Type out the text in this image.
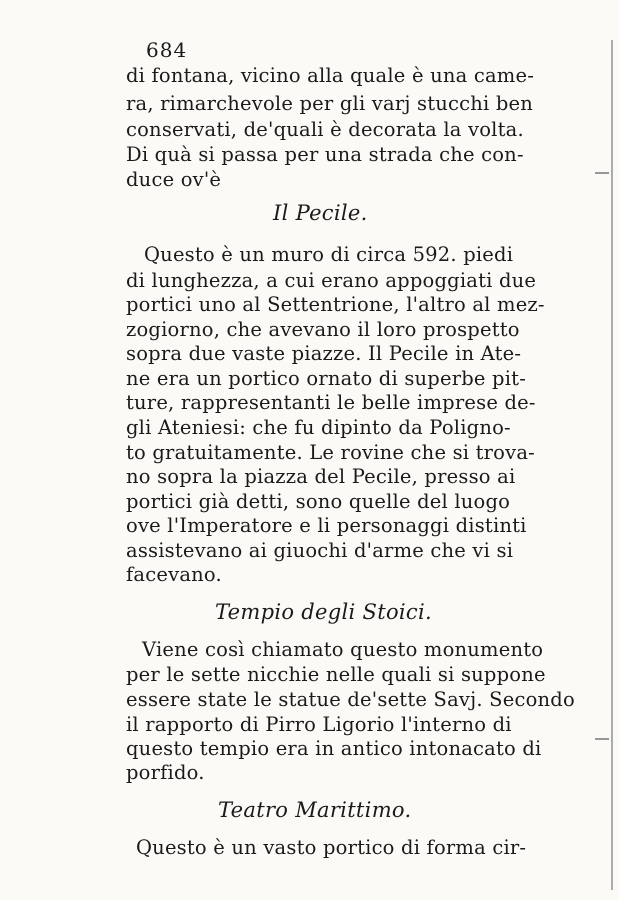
684
di fontana, vicino alla quale è una came-
ra, rimarchevole per gli varj stucchi ben
conservati, de'quali è decorata la volta.
Di quà si passa per una strada che con-
duce ov'è
Il Pecile.
Questo è un muro di circa 592. piedi
di lunghezza, a cui erano appoggiati due
portici uno al Settentrione, l'altro al mez-
zogiorno, che avevano il loro prospetto
sopra due vaste piazze. Il Pecile in Ate-
ne era un portico ornato di superbe pit-
ture, rappresentanti le belle imprese de-
gli Ateniesi: che fu dipinto da Poligno-
to gratuitamente. Le rovine che si trova-
no sopra la piazza del Pecile, presso ai
portici già detti, sono quelle del luogo
ove l'Imperatore e li personaggi distinti
assistevano ai giuochi d'arme che vi si
facevano.
Tempio degli Stoici.
Viene così chiamato questo monumento
per le sette nicchie nelle quali si suppone
essere state le statue de'sette Savj. Secondo
il rapporto di Pirro Ligorio l'interno di
questo tempio era in antico intonacato di
porfido.
Teatro Marittimo.
Questo è un vasto portico di forma cir-
